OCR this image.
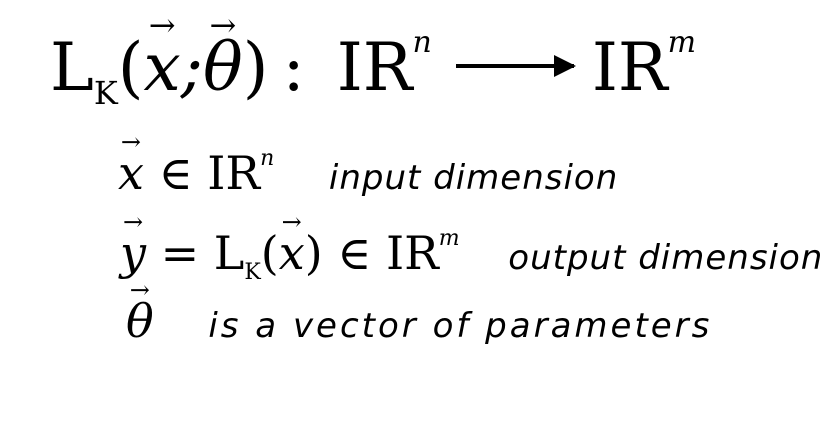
$L_K(\to$ x;→ θ) : $IR^n$ $IR^m$
→ x ∈ $IR^n$ input dimension
→ $y = L_K(\to x)$ ∈ $IR^m$ output dimension
→ θ is a vector of parameters
